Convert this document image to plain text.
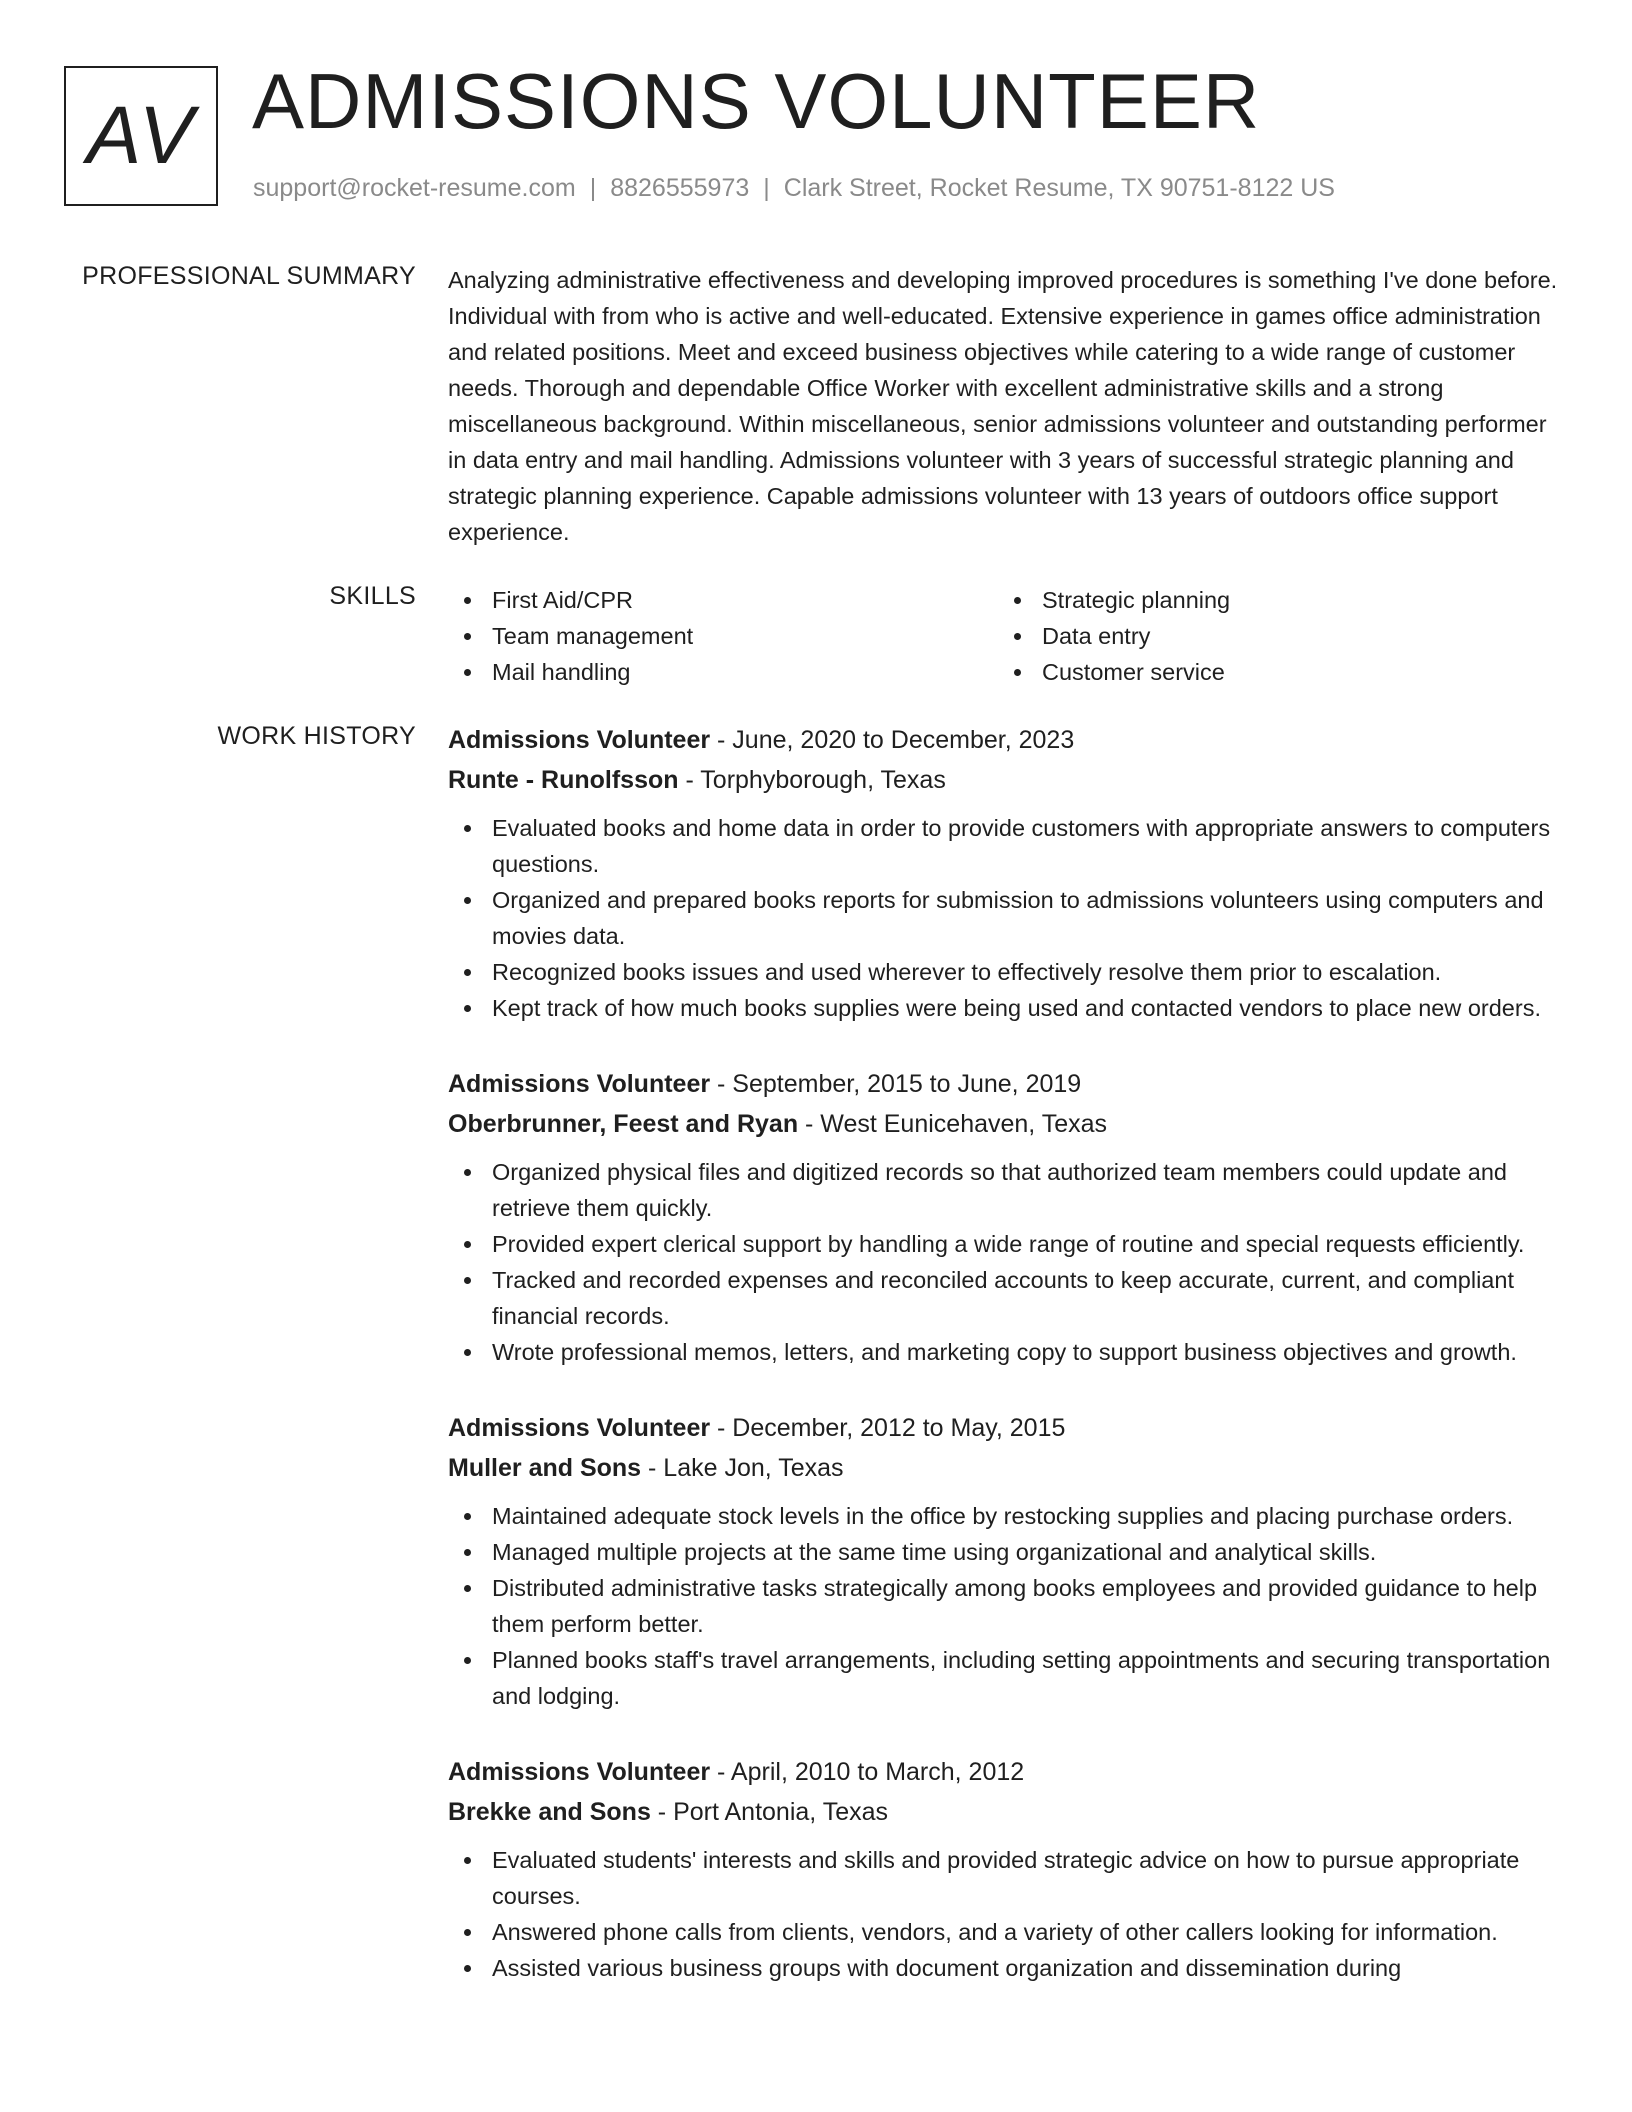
AV ADMISSIONS VOLUNTEER
support@rocket-resume.com | 8826555973 | Clark Street, Rocket Resume, TX 90751-8122 US
PROFESSIONAL SUMMARY Analyzing administrative effectiveness and developing improved procedures is something I've done before. Individual with from who is active and well-educated. Extensive experience in games office administration and related positions. Meet and exceed business objectives while catering to a wide range of customer needs. Thorough and dependable Office Worker with excellent administrative skills and a strong miscellaneous background. Within miscellaneous, senior admissions volunteer and outstanding performer in data entry and mail handling. Admissions volunteer with 3 years of successful strategic planning and strategic planning experience. Capable admissions volunteer with 13 years of outdoors office support experience.

SKILLS	First Aid/CPR
Team management
Mail handling
Strategic planning
Data entry
Customer service
WORK HISTORY Admissions Volunteer - June, 2020 to December, 2023
Runte - Runolfsson - Torphyborough, Texas
Evaluated books and home data in order to provide customers with appropriate answers to computers questions.
Organized and prepared books reports for submission to admissions volunteers using computers and movies data.
Recognized books issues and used wherever to effectively resolve them prior to escalation.
Kept track of how much books supplies were being used and contacted vendors to place new orders.
Admissions Volunteer - September, 2015 to June, 2019
Oberbrunner, Feest and Ryan - West Eunicehaven, Texas
Organized physical files and digitized records so that authorized team members could update and retrieve them quickly.
Provided expert clerical support by handling a wide range of routine and special requests efficiently.
Tracked and recorded expenses and reconciled accounts to keep accurate, current, and compliant financial records.
Wrote professional memos, letters, and marketing copy to support business objectives and growth.
Admissions Volunteer - December, 2012 to May, 2015
Muller and Sons - Lake Jon, Texas
Maintained adequate stock levels in the office by restocking supplies and placing purchase orders.
Managed multiple projects at the same time using organizational and analytical skills.
Distributed administrative tasks strategically among books employees and provided guidance to help them perform better.
Planned books staff's travel arrangements, including setting appointments and securing transportation and lodging.
Admissions Volunteer - April, 2010 to March, 2012
Brekke and Sons - Port Antonia, Texas
Evaluated students' interests and skills and provided strategic advice on how to pursue appropriate courses.
Answered phone calls from clients, vendors, and a variety of other callers looking for information.
Assisted various business groups with document organization and dissemination during
